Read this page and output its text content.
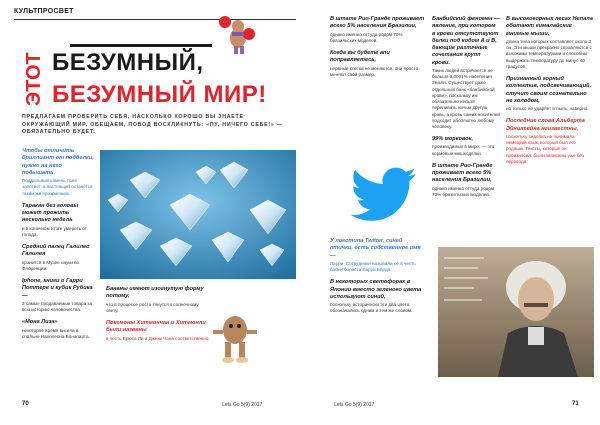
КУЛЬТПРОСВЕТ
ЭТОТ БЕЗУМНЫЙ,
БЕЗУМНЫЙ МИР!
ПРЕДЛАГАЕМ ПРОВЕРИТЬ СЕБЯ, НАСКОЛЬКО ХОРОШО ВЫ ЗНАЕТЕ ОКРУЖАЮЩИЙ МИР. ОБЕЩАЕМ, ПОВОД ВОСКЛИКНУТЬ: «ПУ, НИЧЕГО СЕБЕ!» — ОБЯЗАТЕЛЬНО БУДЕТ.
Чтобы отличить бриллиант от подделки, нужно на него подышать.
Поддельный камень тоже запотеет, а настоящий останется таким же прозрачным.
Таракан без головы может прожить несколько недель
и в конечном итоге умереть от голода.
Средний палец Галилео Галилея
хранится в Музее науки во Флоренции.
Iphone, книги о Гарри Поттере и кубик Рубика —
3 самые продаваемые товара за всю историю человечества.
«Мона Лиза»
некоторое время висела в спальне Наполеона Бонапарта.
Бананы имеют изогнутую форму потому,
что в процессе роста тянутся к солнечному свету.
Покемоны Хитмончан и Хитмонли были названы
в честь Брюса Ли и Джеки Чана соответственно.
70	Lets Go 5(9) 2017
В штате Рио-Гранде проживает всего 5% населения Бразилии,
однако именно оттуда родом 70% бразильских моделей.
Когда вы будете апи поправляетесь,
нервные клетки не меняются, они просто меняют свой размер.
У логотипа Twitter, синей птички, есть собственное имя —
Ларри. Сотрудники называли её в честь баскетболиста Ларри Бёрда.
В некоторых светофорах в Японии вместо зеленого цвета используют синий,
поскольку исторически эти два цвета обозначались одним и тем же словом.
Банбийский феномен — явление, при котором в крови отсутствуют белки под кодом А и В, дающие различные сочетания групп крови.
Таких людей встречается не больше 0,0001% населения Земли. Существует даже отдельный банк «банбийской крови», поскольку им обязательно нельзя переливать ничью другую кровь, а кровь самих носителей подходит абсолютно любому человеку.
99% морковок,
производимых в мире, — это кормовые мешкоделки.
В штате Рио-Гранде проживает всего 5% населения Бразилии,
однако именно оттуда родом 70% бразильских моделей.
В высокогорных лесах Непала обитают гималайские мнимые мыши,
длина тела которых составляет около 3 см. Эти мыши прекрасно справляются с высокими температурами и способны выдержать температуру до минус 40 градусов.
Признанный горный коллектив, подсвечивающий, стучит своим сознательно не холодом,
но только не ударяет в пыль, наверно.
Последние слова Альберта Эйнштейна неизвестны,
поскольку сиделка не понимала немецкий язык, который был его родным. Тексты, которые он произносил, были записаны уже без перевода.
Lets Go 5(9) 2017	71
